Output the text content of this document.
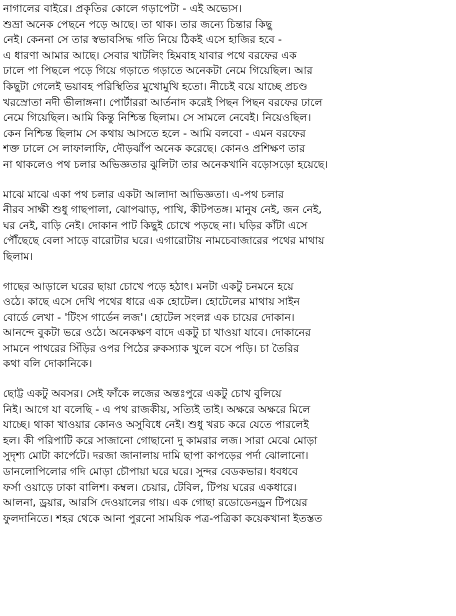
নাগালের বাইরে। প্রকৃতির কোলে গড়াপেটা - এই অভ্যেস।

শুভ্রা অনেক পেছনে পড়ে আছে। তা থাক। তার জন্যে চিন্তার কিছু
নেই। কেননা সে তার স্বভাবসিদ্ধ গতি নিয়ে ঠিকই এসে হাজির হবে -
এ ধারণা আমার আছে। সেবার খাটলিং হিমবাহ যাবার পথে বরফের এক
ঢালে পা পিছলে পড়ে গিয়ে গড়াতে গড়াতে অনেকটা নেমে গিয়েছিল। আর
কিছুটা গেলেই ভয়াবহ পরিস্থিতির মুখোমুখি হতো। নীচেই বয়ে যাচ্ছে প্রচণ্ড
খরস্রোতা নদী ভীলাঙ্গনা। পোর্টাররা আর্তনাদ করেই পিছন পিছন বরফের ঢালে
নেমে গিয়েছিল। আমি কিন্তু নিশ্চিন্ত ছিলাম। সে সামলে নেবেই। নিয়েওছিল।
কেন নিশ্চিন্ত ছিলাম সে কথায় আসতে হলে - আমি বলবো - এমন বরফের
শক্ত ঢালে সে লাফালাফি, দৌড়ঝাঁপ অনেক করেছে। কোনও প্রশিক্ষণ তার
না থাকলেও পথ চলার অভিজ্ঞতার ঝুলিটা তার অনেকখানি বড়োসড়ো হয়েছে।

মাঝে মাঝে একা পথ চলার একটা আলাদা আভিজ্ঞতা। এ-পথ চলার
নীরব সাক্ষী শুধু গাছপালা, ঝোপঝাড়, পাখি, কীটপতঙ্গ। মানুষ নেই, জন নেই,
ঘর নেই, বাড়ি নেই। দোকান পাট কিছুই চোখে পড়ছে না। ঘড়ির কাঁটা এসে
পৌঁছেছে বেলা সাড়ে বারোটার ঘরে। এগারোটায় নামচেবাজারের পথের মাথায়
ছিলাম।

গাছের আড়ালে ঘরের ছায়া চোখে পড়ে হঠাৎ। মনটা একটু চনমনে হয়ে
ওঠে। কাছে এসে দেখি পথের ধারে এক হোটেল। হোটেলের মাথায় সাইন
বোর্ডে লেখা - 'টিংস গার্ডেন লজ'। হোটেল সংলগ্ন এক চায়ের দোকান।
আনন্দে বুকটা ভরে ওঠে। অনেকক্ষণ বাদে একটু চা খাওয়া যাবে। দোকানের
সামনে পাথরের সিঁড়ির ওপর পিঠের রুকস্যাক খুলে বসে পড়ি। চা তৈরির
কথা বলি দোকানিকে।

ছোট্ট একটু অবসর। সেই ফাঁকে লজের অন্তঃপুরে একটু চোখ বুলিয়ে
নিই। আগে যা বলেছি - এ পথ রাজকীয়, সত্যিই তাই। অক্ষরে অক্ষরে মিলে
যাচ্ছে। থাকা খাওয়ার কোনও অসুবিধে নেই। শুধু খরচ করে যেতে পারলেই
হল। কী পরিপাটি করে সাজানো গোছানো দু কামরার লজ। সারা মেঝে মোড়া
সুদৃশ্য মোটা কার্পেটে। দরজা জানালায় দামি ছাপা কাপড়ের পর্দা ঝোলানো।
ডানলোপিলোর গদি মোড়া চৌপায়া ঘরে ঘরে। সুন্দর বেডকভার। ধবধবে
ফর্সা ওয়াড়ে ঢাকা বালিশ। কম্বল। চেয়ার, টেবিল, টিপয় ঘরের একধারে।
আলনা, ড্রয়ার, আরসি দেওয়ালের গায়। এক গোছা রডোডেনড্রন টিপয়ের
ফুলদানিতে। শহর থেকে আনা পুরনো সাময়িক পত্র-পত্রিকা কয়েকখানা ইতস্তত
